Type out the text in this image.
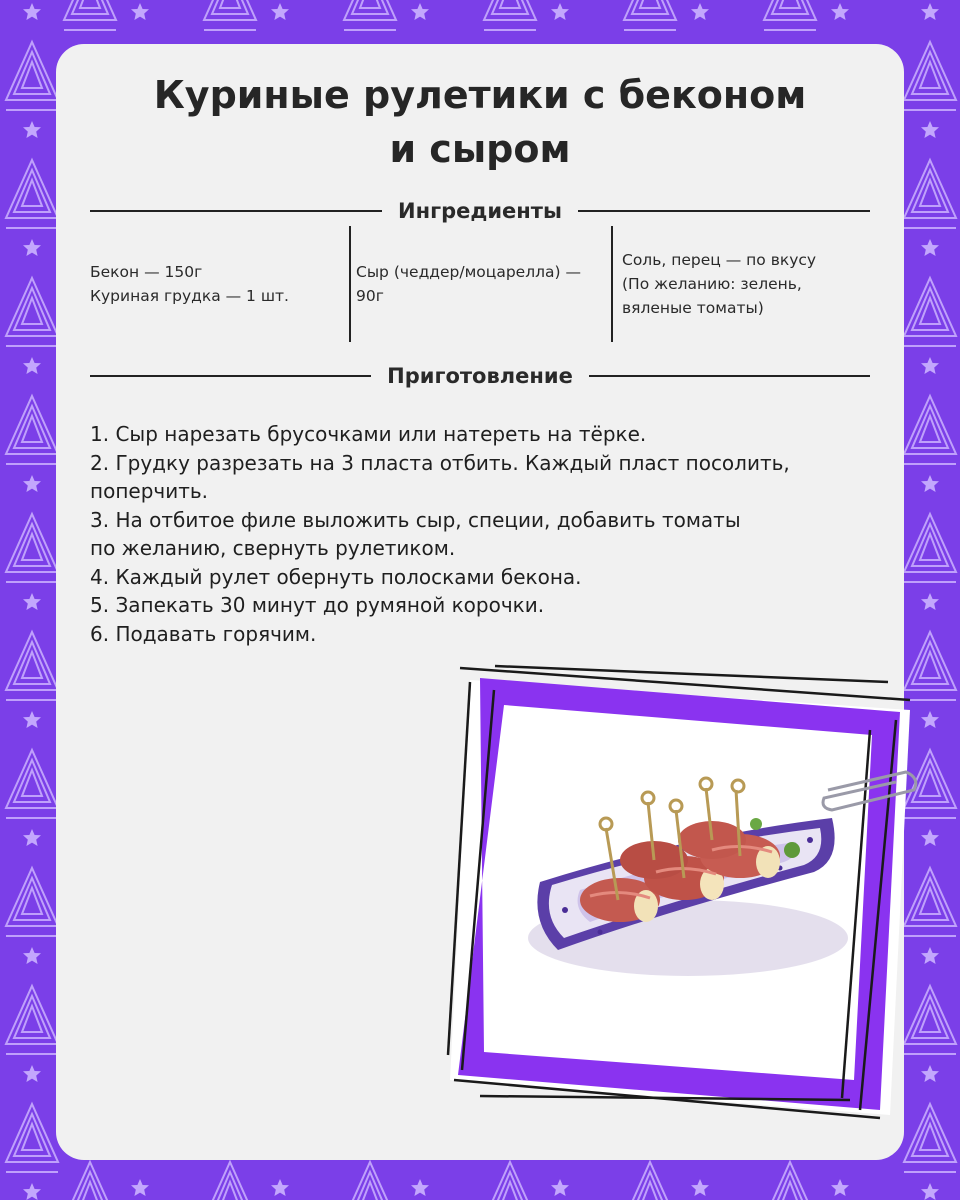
Куриные рулетики с беконом
и сыром
Ингредиенты
Бекон — 150г
Куриная грудка — 1 шт.
Сыр (чеддер/моцарелла) —
90г
Соль, перец — по вкусу
(По желанию: зелень,
вяленые томаты)
Приготовление
1. Сыр нарезать брусочками или натереть на тёрке.
2. Грудку разрезать на 3 пласта отбить. Каждый пласт посолить,
поперчить.
3. На отбитое филе выложить сыр, специи, добавить томаты
по желанию, свернуть рулетиком.
4. Каждый рулет обернуть полосками бекона.
5. Запекать 30 минут до румяной корочки.
6. Подавать горячим.
